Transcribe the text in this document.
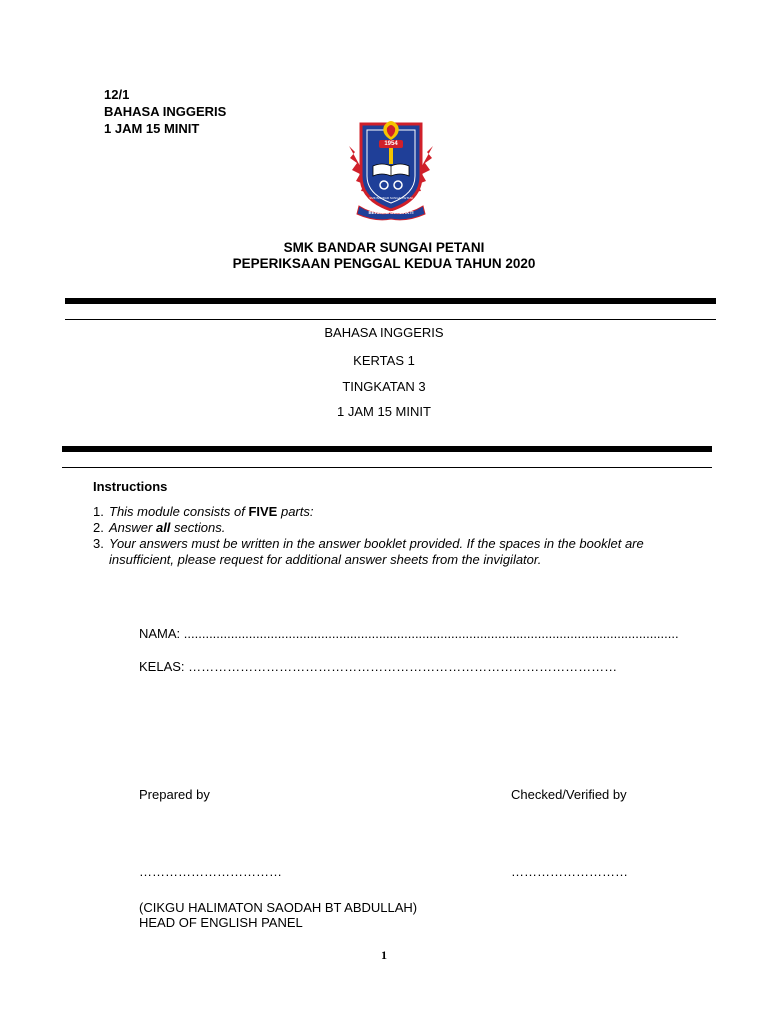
12/1
BAHASA INGGERIS
1 JAM 15 MINIT
1954
BERILMU BERBAKTI
SMK BANDAR SUNGAI PETANI
SMK BANDAR SUNGAI PETANI
PEPERIKSAAN PENGGAL KEDUA TAHUN 2020
BAHASA INGGERIS
KERTAS 1
TINGKATAN 3
1 JAM 15 MINIT
Instructions

1. This module consists of FIVE parts:

2. Answer all sections.

3. Your answers must be written in the answer booklet provided. If the spaces in the booklet are insufficient, please request for additional answer sheets from the invigilator.

NAMA: .........................................................................................................................................
KELAS: ………………………………………………………………………………………
Prepared by	Checked/Verified by
……………………………	………………………
(CIKGU HALIMATON SAODAH BT ABDULLAH)
HEAD OF ENGLISH PANEL
1
